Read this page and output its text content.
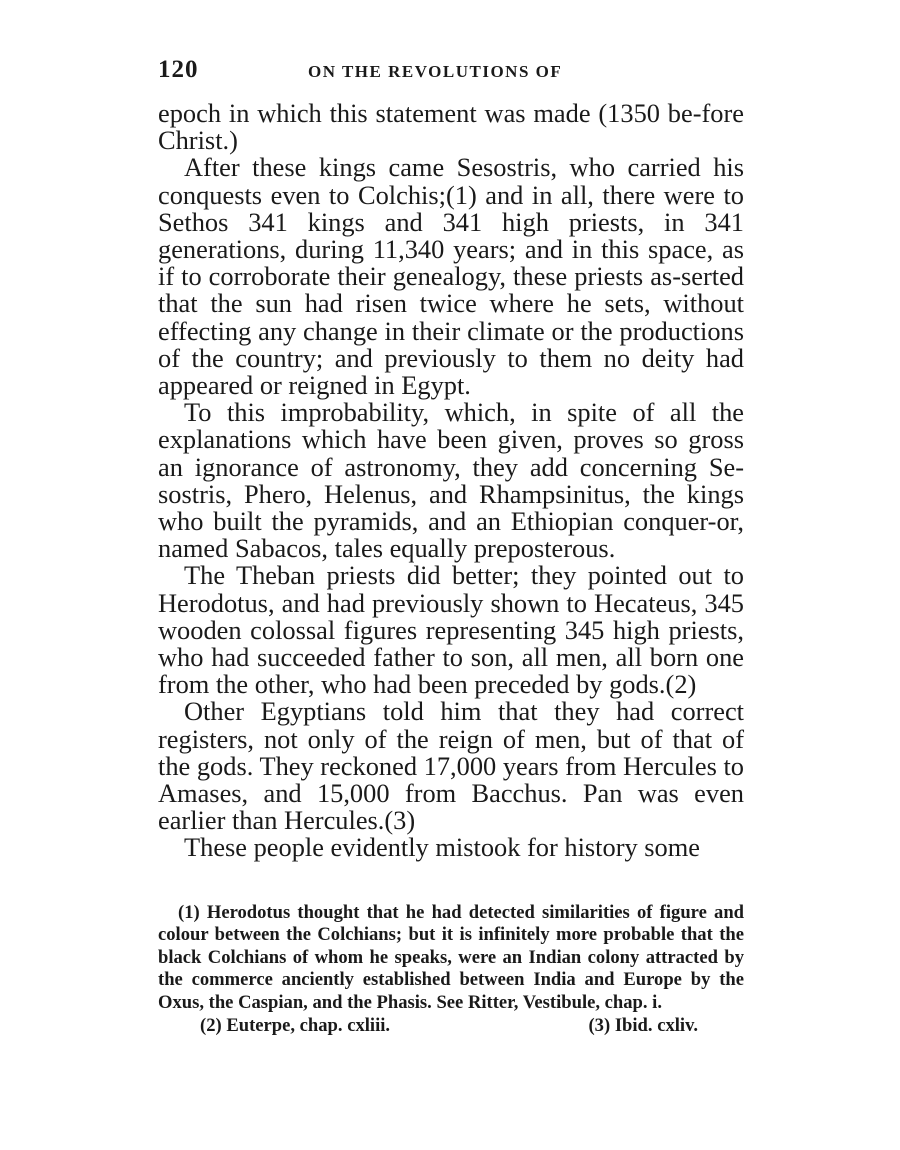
120	ON THE REVOLUTIONS OF

epoch in which this statement was made (1350 be-fore Christ.)

After these kings came Sesostris, who carried his conquests even to Colchis;(1) and in all, there were to Sethos 341 kings and 341 high priests, in 341 generations, during 11,340 years; and in this space, as if to corroborate their genealogy, these priests as-serted that the sun had risen twice where he sets, without effecting any change in their climate or the productions of the country; and previously to them no deity had appeared or reigned in Egypt.

To this improbability, which, in spite of all the explanations which have been given, proves so gross an ignorance of astronomy, they add concerning Se-sostris, Phero, Helenus, and Rhampsinitus, the kings who built the pyramids, and an Ethiopian conquer-or, named Sabacos, tales equally preposterous.

The Theban priests did better; they pointed out to Herodotus, and had previously shown to Hecateus, 345 wooden colossal figures representing 345 high priests, who had succeeded father to son, all men, all born one from the other, who had been preceded by gods.(2)

Other Egyptians told him that they had correct registers, not only of the reign of men, but of that of the gods. They reckoned 17,000 years from Hercules to Amases, and 15,000 from Bacchus. Pan was even earlier than Hercules.(3)

These people evidently mistook for history some

(1) Herodotus thought that he had detected similarities of figure and colour between the Colchians; but it is infinitely more probable that the black Colchians of whom he speaks, were an Indian colony attracted by the commerce anciently established between India and Europe by the Oxus, the Caspian, and the Phasis. See Ritter, Vestibule, chap. i.

(2) Euterpe, chap. cxliii.	(3) Ibid. cxliv.
